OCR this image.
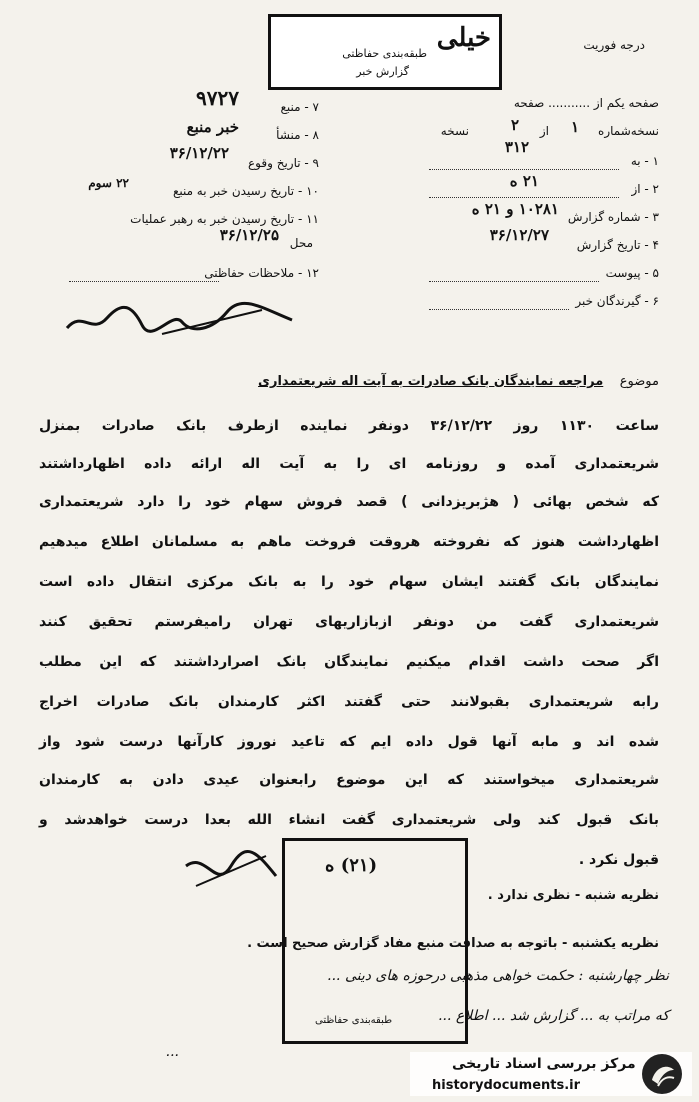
خیلی
طبقه‌بندی حفاظتی
گزارش خبر
درجه فوریت
صفحه یکم از ........... صفحه
نسخه‌شماره
۱
از
۲
نسخه
۱ - به
۳۱۲
۲ - از
۲۱ ه
۳ - شماره گزارش
۱۰۲۸۱ و ۲۱ ه
۴ - تاریخ گزارش
۳۶/۱۲/۲۷
۵ - پیوست
۶ - گیرندگان خبر
۷ - منبع
۹۷۲۷
۸ - منشأ
خبر منبع
۹ - تاریخ وقوع
۳۶/۱۲/۲۲
۱۰ - تاریخ رسیدن خبر به منبع
۲۲ سوم
۱۱ - تاریخ رسیدن خبر به رهبر عملیات
محل
۳۶/۱۲/۲۵
۱۲ - ملاحظات حفاظتی
موضوع    مراجعه نمایندگان بانک صادرات به آیت اله شریعتمداری
ساعت ۱۱۳۰ روز ۳۶/۱۲/۲۲ دونفر نماینده ازطرف بانک صادرات بمنزل
شریعتمداری آمده و روزنامه ای را به آیت اله ارائه داده اظهارداشتند
که شخص بهائی ( هژبریزدانی ) قصد فروش سهام خود را دارد شریعتمداری
اظهارداشت هنوز که نفروخته هروقت فروخت ماهم به مسلمانان اطلاع میدهیم
نمایندگان بانک گفتند ایشان سهام خود را به بانک مرکزی انتقال داده است
شریعتمداری گفت من دونفر ازبازاریهای تهران رامیفرستم تحقیق کنند
اگر صحت داشت اقدام میکنیم نمایندگان بانک اصرارداشتند که این مطلب
رابه شریعتمداری بقبولانند حتی گفتند اکثر کارمندان بانک صادرات اخراج
شده اند و مابه آنها قول داده ایم که تاعید نوروز کارآنها درست شود واز
شریعتمداری میخواستند که این موضوع رابعنوان عیدی دادن به کارمندان
بانک قبول کند ولی شریعتمداری گفت انشاء الله بعدا درست خواهدشد و
قبول نکرد .
(۲۱) ه
طبقه‌بندی حفاظتی
نظریه شنبه - نظری ندارد .
نظریه یکشنبه - باتوجه به صداقت منبع مفاد گزارش صحیح است .
نظر چهارشنبه : حکمت خواهی مذهبی درحوزه های دینی ...
که مراتب به ... گزارش شد ... اطلاع ...
...
مرکز بررسی اسناد تاریخی
historydocuments.ir
